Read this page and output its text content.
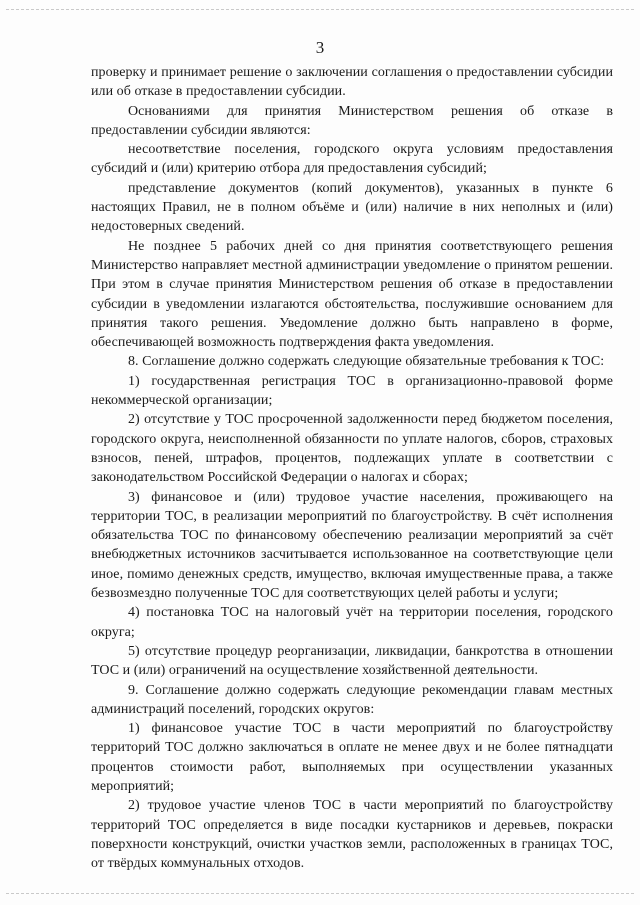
3

проверку и принимает решение о заключении соглашения о предоставлении субсидии или об отказе в предоставлении субсидии.

Основаниями для принятия Министерством решения об отказе в предоставлении субсидии являются:

несоответствие поселения, городского округа условиям предоставления субсидий и (или) критерию отбора для предоставления субсидий;

представление документов (копий документов), указанных в пункте 6 настоящих Правил, не в полном объёме и (или) наличие в них неполных и (или) недостоверных сведений.

Не позднее 5 рабочих дней со дня принятия соответствующего решения Министерство направляет местной администрации уведомление о принятом решении. При этом в случае принятия Министерством решения об отказе в предоставлении субсидии в уведомлении излагаются обстоятельства, послужившие основанием для принятия такого решения. Уведомление должно быть направлено в форме, обеспечивающей возможность подтверждения факта уведомления.

8. Соглашение должно содержать следующие обязательные требования к ТОС:

1) государственная регистрация ТОС в организационно-правовой форме некоммерческой организации;

2) отсутствие у ТОС просроченной задолженности перед бюджетом поселения, городского округа, неисполненной обязанности по уплате налогов, сборов, страховых взносов, пеней, штрафов, процентов, подлежащих уплате в соответствии с законодательством Российской Федерации о налогах и сборах;

3) финансовое и (или) трудовое участие населения, проживающего на территории ТОС, в реализации мероприятий по благоустройству. В счёт исполнения обязательства ТОС по финансовому обеспечению реализации мероприятий за счёт внебюджетных источников засчитывается использованное на соответствующие цели иное, помимо денежных средств, имущество, включая имущественные права, а также безвозмездно полученные ТОС для соответствующих целей работы и услуги;

4) постановка ТОС на налоговый учёт на территории поселения, городского округа;

5) отсутствие процедур реорганизации, ликвидации, банкротства в отношении ТОС и (или) ограничений на осуществление хозяйственной деятельности.

9. Соглашение должно содержать следующие рекомендации главам местных администраций поселений, городских округов:

1) финансовое участие ТОС в части мероприятий по благоустройству территорий ТОС должно заключаться в оплате не менее двух и не более пятнадцати процентов стоимости работ, выполняемых при осуществлении указанных мероприятий;

2) трудовое участие членов ТОС в части мероприятий по благоустройству территорий ТОС определяется в виде посадки кустарников и деревьев, покраски поверхности конструкций, очистки участков земли, расположенных в границах ТОС, от твёрдых коммунальных отходов.
